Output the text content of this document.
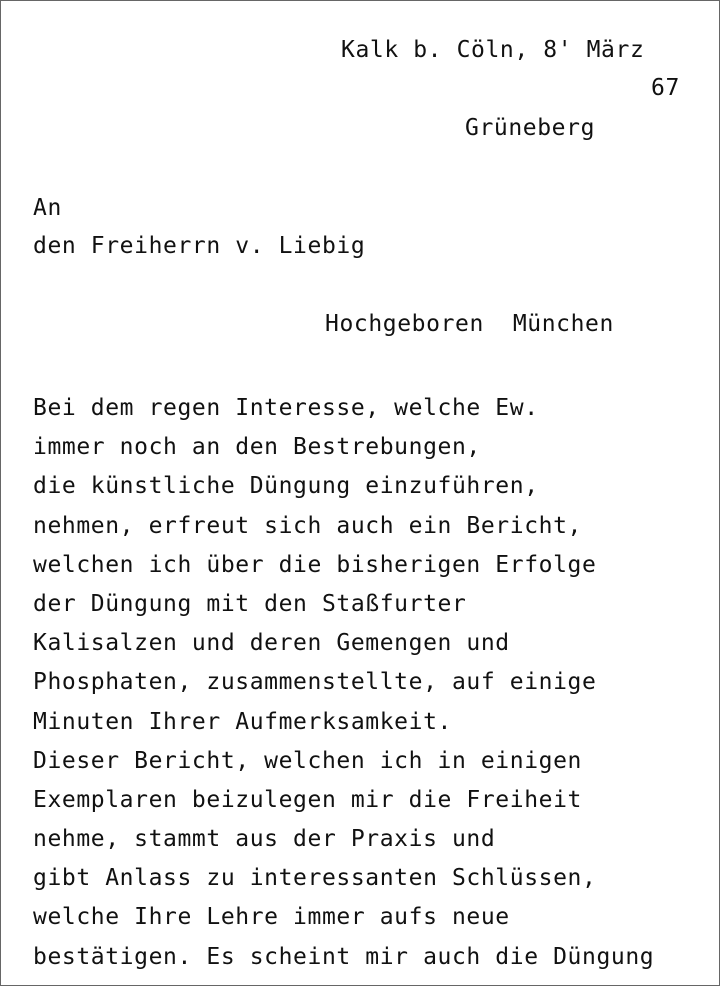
Kalk b. Cöln, 8' März
67
Grüneberg
An
den Freiherrn v. Liebig
Hochgeboren  München
Bei dem regen Interesse, welche Ew.
immer noch an den Bestrebungen,
die künstliche Düngung einzuführen,
nehmen, erfreut sich auch ein Bericht,
welchen ich über die bisherigen Erfolge
der Düngung mit den Staßfurter
Kalisalzen und deren Gemengen und
Phosphaten, zusammenstellte, auf einige
Minuten Ihrer Aufmerksamkeit.
Dieser Bericht, welchen ich in einigen
Exemplaren beizulegen mir die Freiheit
nehme, stammt aus der Praxis und
gibt Anlass zu interessanten Schlüssen,
welche Ihre Lehre immer aufs neue
bestätigen. Es scheint mir auch die Düngung
